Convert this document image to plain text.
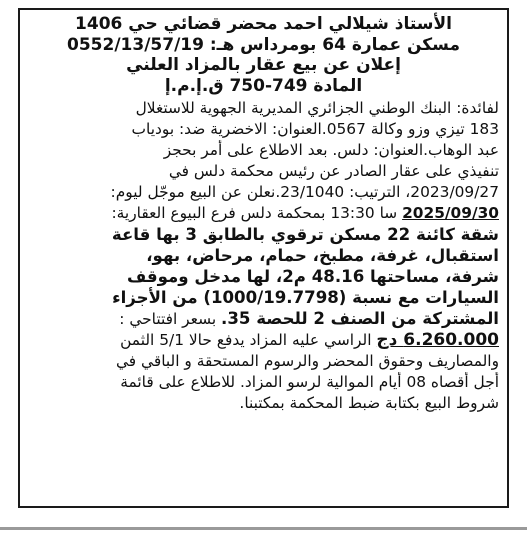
الأستاذ شيلالي احمد محضر قضائي حي 1406
مسكن عمارة 64 بومرداس هـ: 0552/13/57/19
إعلان عن بيع عقار بالمزاد العلني
المادة 749-750 ق.إ.م.إ
لفائدة: البنك الوطني الجزائري المديرية الجهوية للاستغلال
183 تيزي وزو وكالة 0567.العنوان: الاخضرية ضد: بودياب
عبد الوهاب.العنوان: دلس. بعد الاطلاع على أمر بحجز
تنفيذي على عقار الصادر عن رئيس محكمة دلس في
2023/09/27، الترتيب: 23/1040.نعلن عن البيع موجّل ليوم:
2025/09/30 سا 13:30 بمحكمة دلس فرع البيوع العقارية:
شقة كائنة 22 مسكن ترقوي بالطابق 3 بها قاعة
استقبال، غرفة، مطبخ، حمام، مرحاض، بهو،
شرفة، مساحتها 48.16 م2، لها مدخل وموقف
السيارات مع نسبة (1000/19.7798) من الأجزاء
المشتركة من الصنف 2 للحصة 35. بسعر افتتاحي :
6.260.000 دج الراسي عليه المزاد يدفع حالا 5/1 الثمن
والمصاريف وحقوق المحضر والرسوم المستحقة و الباقي في
أجل أقصاه 08 أيام الموالية لرسو المزاد. للاطلاع على قائمة
شروط البيع بكتابة ضبط المحكمة بمكتبنا.
